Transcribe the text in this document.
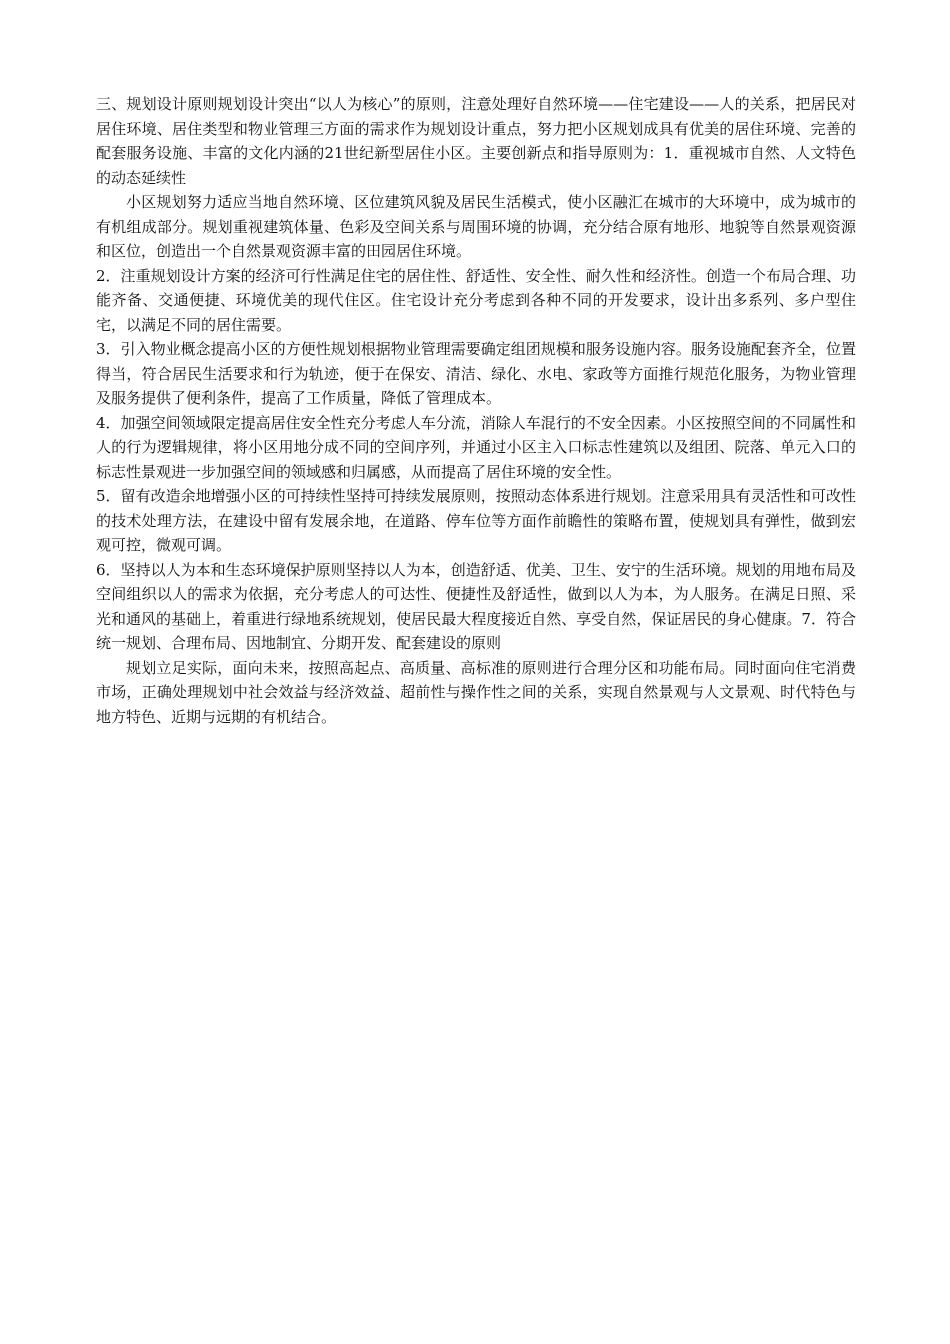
三、规划设计原则规划设计突出“以人为核心”的原则，注意处理好自然环境——住宅建设——人的关系，把居民对居住环境、居住类型和物业管理三方面的需求作为规划设计重点，努力把小区规划成具有优美的居住环境、完善的配套服务设施、丰富的文化内涵的21世纪新型居住小区。主要创新点和指导原则为：1．重视城市自然、人文特色的动态延续性

小区规划努力适应当地自然环境、区位建筑风貌及居民生活模式，使小区融汇在城市的大环境中，成为城市的有机组成部分。规划重视建筑体量、色彩及空间关系与周围环境的协调，充分结合原有地形、地貌等自然景观资源和区位，创造出一个自然景观资源丰富的田园居住环境。

2．注重规划设计方案的经济可行性满足住宅的居住性、舒适性、安全性、耐久性和经济性。创造一个布局合理、功能齐备、交通便捷、环境优美的现代住区。住宅设计充分考虑到各种不同的开发要求，设计出多系列、多户型住宅，以满足不同的居住需要。

3．引入物业概念提高小区的方便性规划根据物业管理需要确定组团规模和服务设施内容。服务设施配套齐全，位置得当，符合居民生活要求和行为轨迹，便于在保安、清洁、绿化、水电、家政等方面推行规范化服务，为物业管理及服务提供了便利条件，提高了工作质量，降低了管理成本。

4．加强空间领域限定提高居住安全性充分考虑人车分流，消除人车混行的不安全因素。小区按照空间的不同属性和人的行为逻辑规律，将小区用地分成不同的空间序列，并通过小区主入口标志性建筑以及组团、院落、单元入口的标志性景观进一步加强空间的领域感和归属感，从而提高了居住环境的安全性。

5．留有改造余地增强小区的可持续性坚持可持续发展原则，按照动态体系进行规划。注意采用具有灵活性和可改性的技术处理方法，在建设中留有发展余地，在道路、停车位等方面作前瞻性的策略布置，使规划具有弹性，做到宏观可控，微观可调。

6．坚持以人为本和生态环境保护原则坚持以人为本，创造舒适、优美、卫生、安宁的生活环境。规划的用地布局及空间组织以人的需求为依据，充分考虑人的可达性、便捷性及舒适性，做到以人为本，为人服务。在满足日照、采光和通风的基础上，着重进行绿地系统规划，使居民最大程度接近自然、享受自然，保证居民的身心健康。7．符合统一规划、合理布局、因地制宜、分期开发、配套建设的原则

规划立足实际，面向未来，按照高起点、高质量、高标准的原则进行合理分区和功能布局。同时面向住宅消费市场，正确处理规划中社会效益与经济效益、超前性与操作性之间的关系，实现自然景观与人文景观、时代特色与地方特色、近期与远期的有机结合。
